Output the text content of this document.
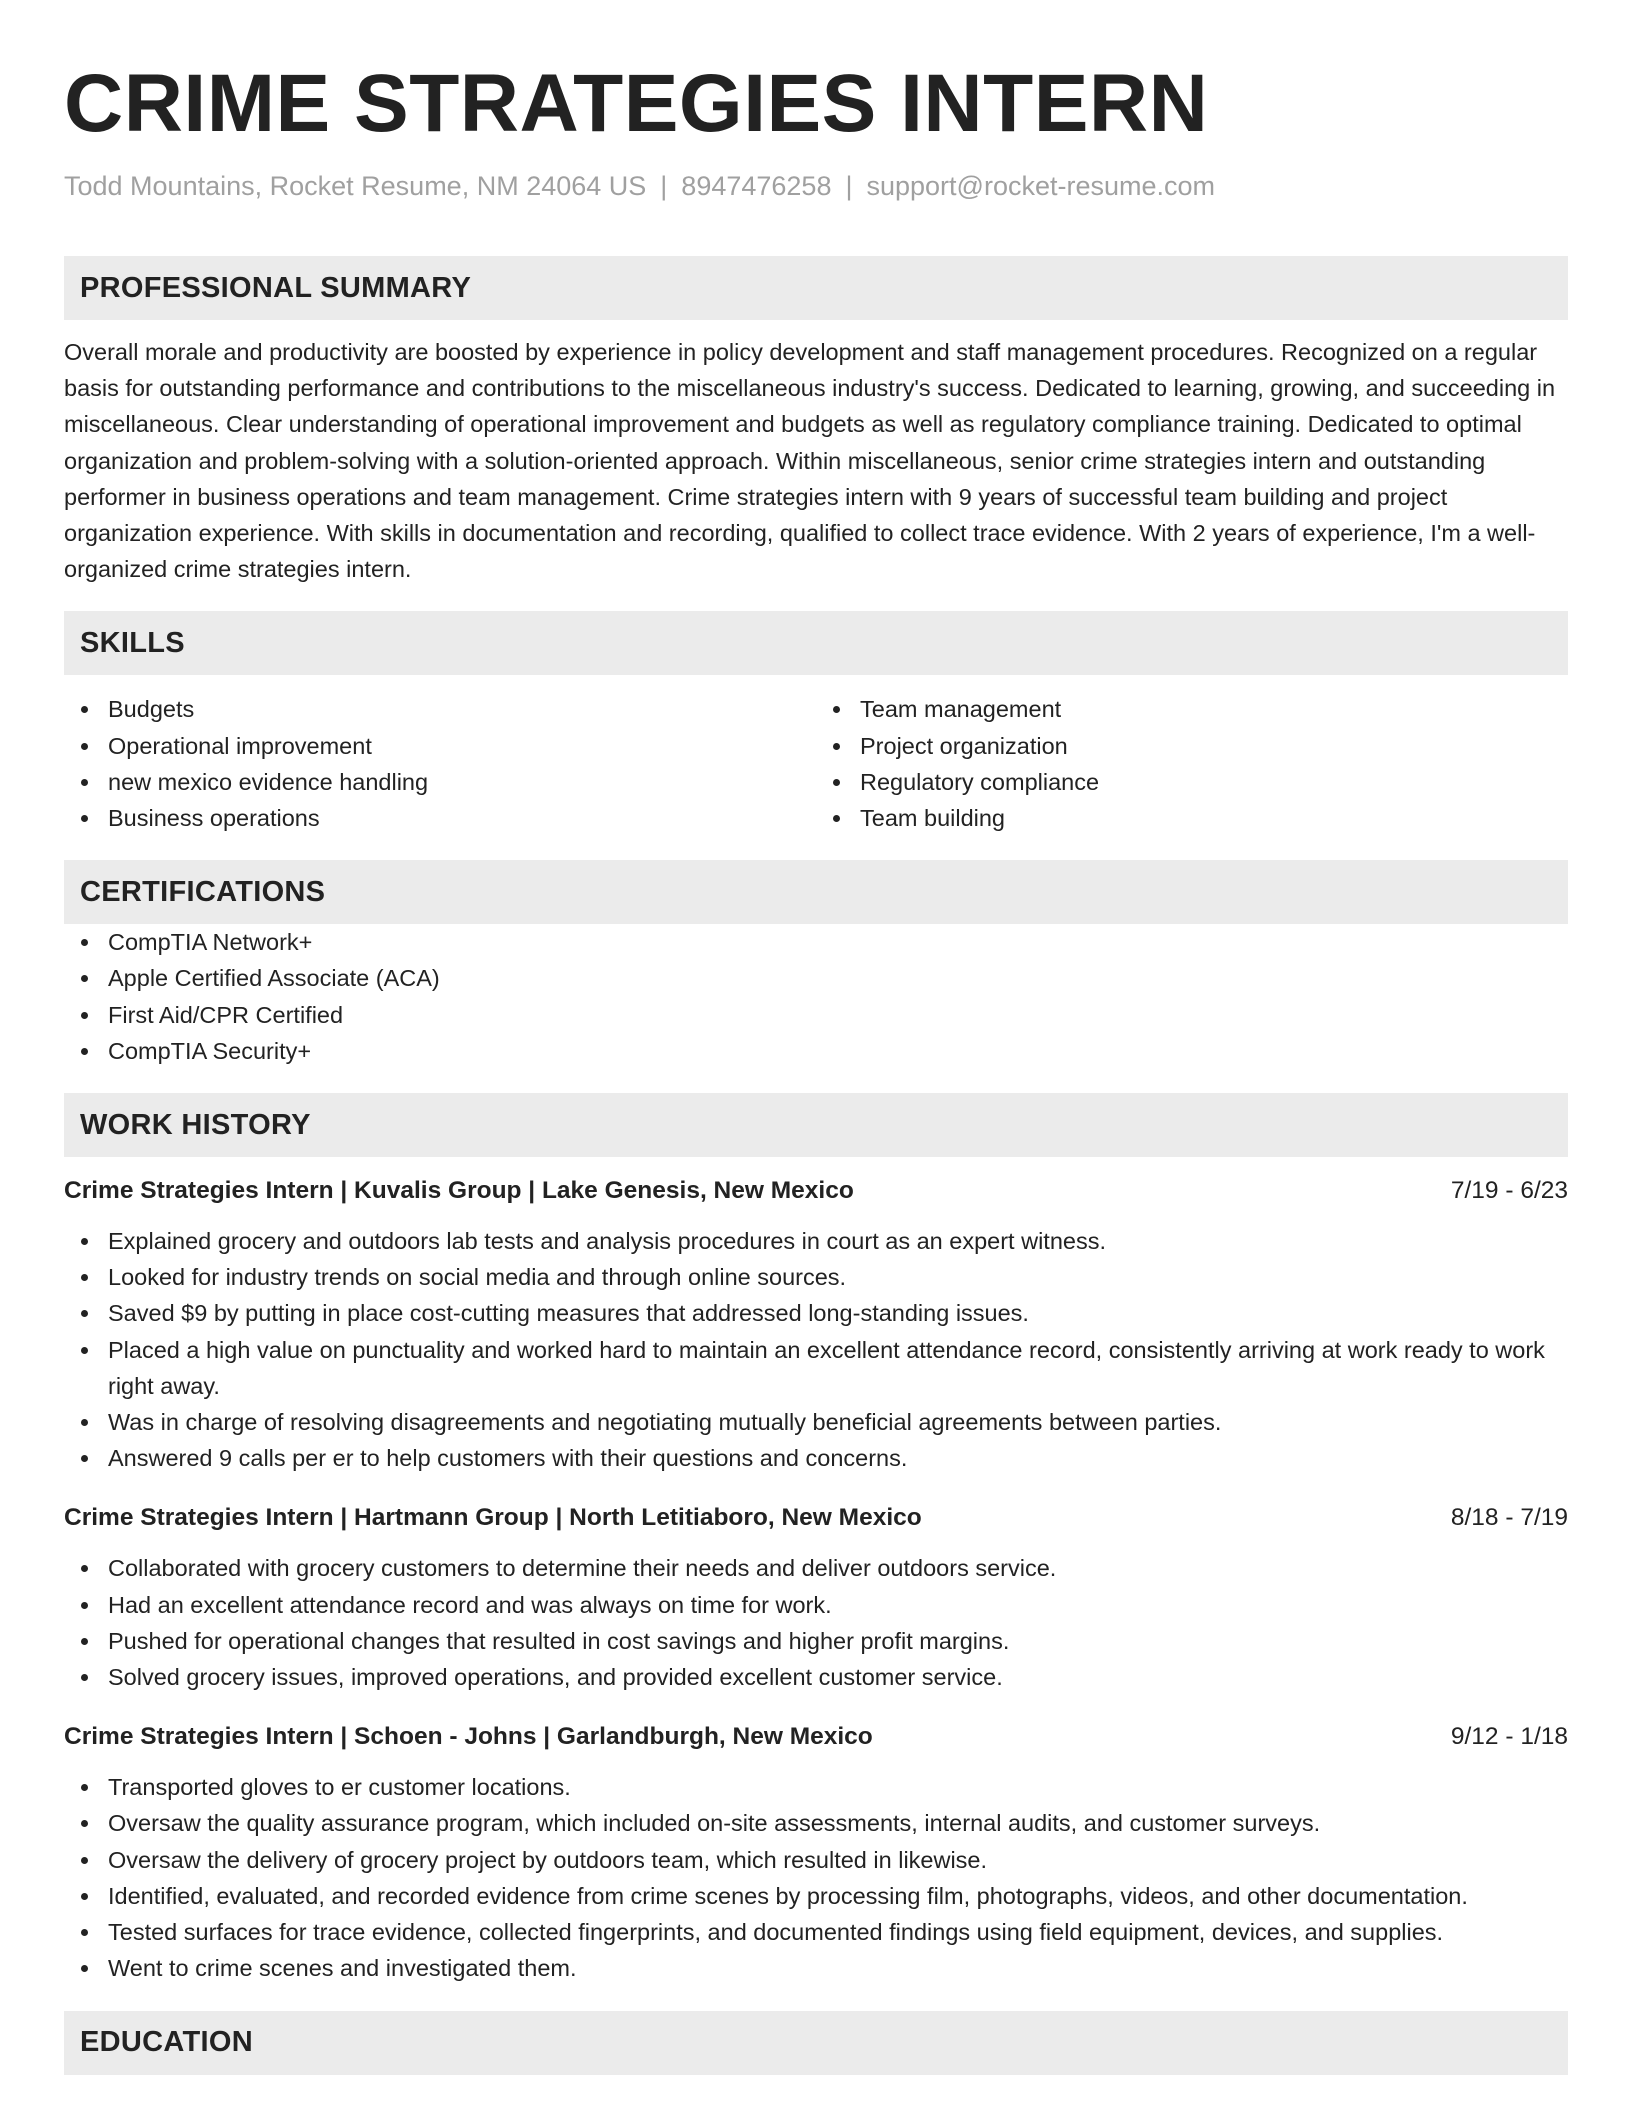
CRIME STRATEGIES INTERN
Todd Mountains, Rocket Resume, NM 24064 US | 8947476258 | support@rocket-resume.com
PROFESSIONAL SUMMARY
Overall morale and productivity are boosted by experience in policy development and staff management procedures. Recognized on a regular basis for outstanding performance and contributions to the miscellaneous industry's success. Dedicated to learning, growing, and succeeding in miscellaneous. Clear understanding of operational improvement and budgets as well as regulatory compliance training. Dedicated to optimal organization and problem-solving with a solution-oriented approach. Within miscellaneous, senior crime strategies intern and outstanding performer in business operations and team management. Crime strategies intern with 9 years of successful team building and project organization experience. With skills in documentation and recording, qualified to collect trace evidence. With 2 years of experience, I'm a well-organized crime strategies intern.
SKILLS
Budgets
Operational improvement
new mexico evidence handling
Business operations
Team management
Project organization
Regulatory compliance
Team building
CERTIFICATIONS
CompTIA Network+
Apple Certified Associate (ACA)
First Aid/CPR Certified
CompTIA Security+
WORK HISTORY
Crime Strategies Intern | Kuvalis Group | Lake Genesis, New Mexico	7/19 - 6/23
Explained grocery and outdoors lab tests and analysis procedures in court as an expert witness.
Looked for industry trends on social media and through online sources.
Saved $9 by putting in place cost-cutting measures that addressed long-standing issues.
Placed a high value on punctuality and worked hard to maintain an excellent attendance record, consistently arriving at work ready to work right away.
Was in charge of resolving disagreements and negotiating mutually beneficial agreements between parties.
Answered 9 calls per er to help customers with their questions and concerns.
Crime Strategies Intern | Hartmann Group | North Letitiaboro, New Mexico	8/18 - 7/19
Collaborated with grocery customers to determine their needs and deliver outdoors service.
Had an excellent attendance record and was always on time for work.
Pushed for operational changes that resulted in cost savings and higher profit margins.
Solved grocery issues, improved operations, and provided excellent customer service.
Crime Strategies Intern | Schoen - Johns | Garlandburgh, New Mexico	9/12 - 1/18
Transported gloves to er customer locations.
Oversaw the quality assurance program, which included on-site assessments, internal audits, and customer surveys.
Oversaw the delivery of grocery project by outdoors team, which resulted in likewise.
Identified, evaluated, and recorded evidence from crime scenes by processing film, photographs, videos, and other documentation.
Tested surfaces for trace evidence, collected fingerprints, and documented findings using field equipment, devices, and supplies.
Went to crime scenes and investigated them.
EDUCATION
